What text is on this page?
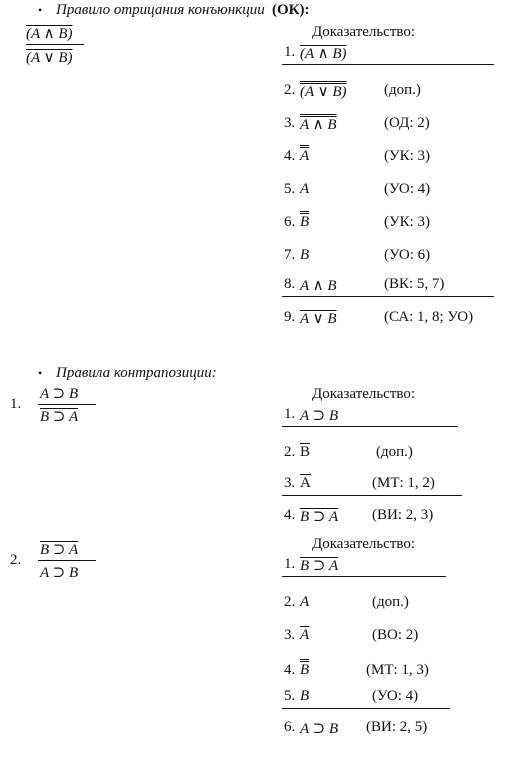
• Правило отрицания конъюнкции (ОК):
(A ∧ B)
(A ∨ B)
Доказательство:
1. (A ∧ B)
2. (A ∨ B) (доп.)
3. A ∧ B	(ОД: 2)
4. A	(УК: 3)
5. A	(УО: 4)
6. B	(УК: 3)
7. B	(УО: 6)
8. A ∧ B	(ВК: 5, 7)
9. A ∨ B	(СА: 1, 8; УО)
• Правила контрапозиции:
1.
A ⊃ B
B ⊃ A
Доказательство:
1. A ⊃ B
2. $\overline{B}$	(доп.)
3. $\overline{A}$	(МТ: 1, 2)
4. B ⊃ A (ВИ: 2, 3)
2.
B ⊃ A
A ⊃ B
Доказательство:
1. B ⊃ A
2. A	(доп.)
3. $\overline{A}$	(ВО: 2)
4. B	(МТ: 1, 3)
5. B	(УО: 4)
6. A ⊃ B (ВИ: 2, 5)
